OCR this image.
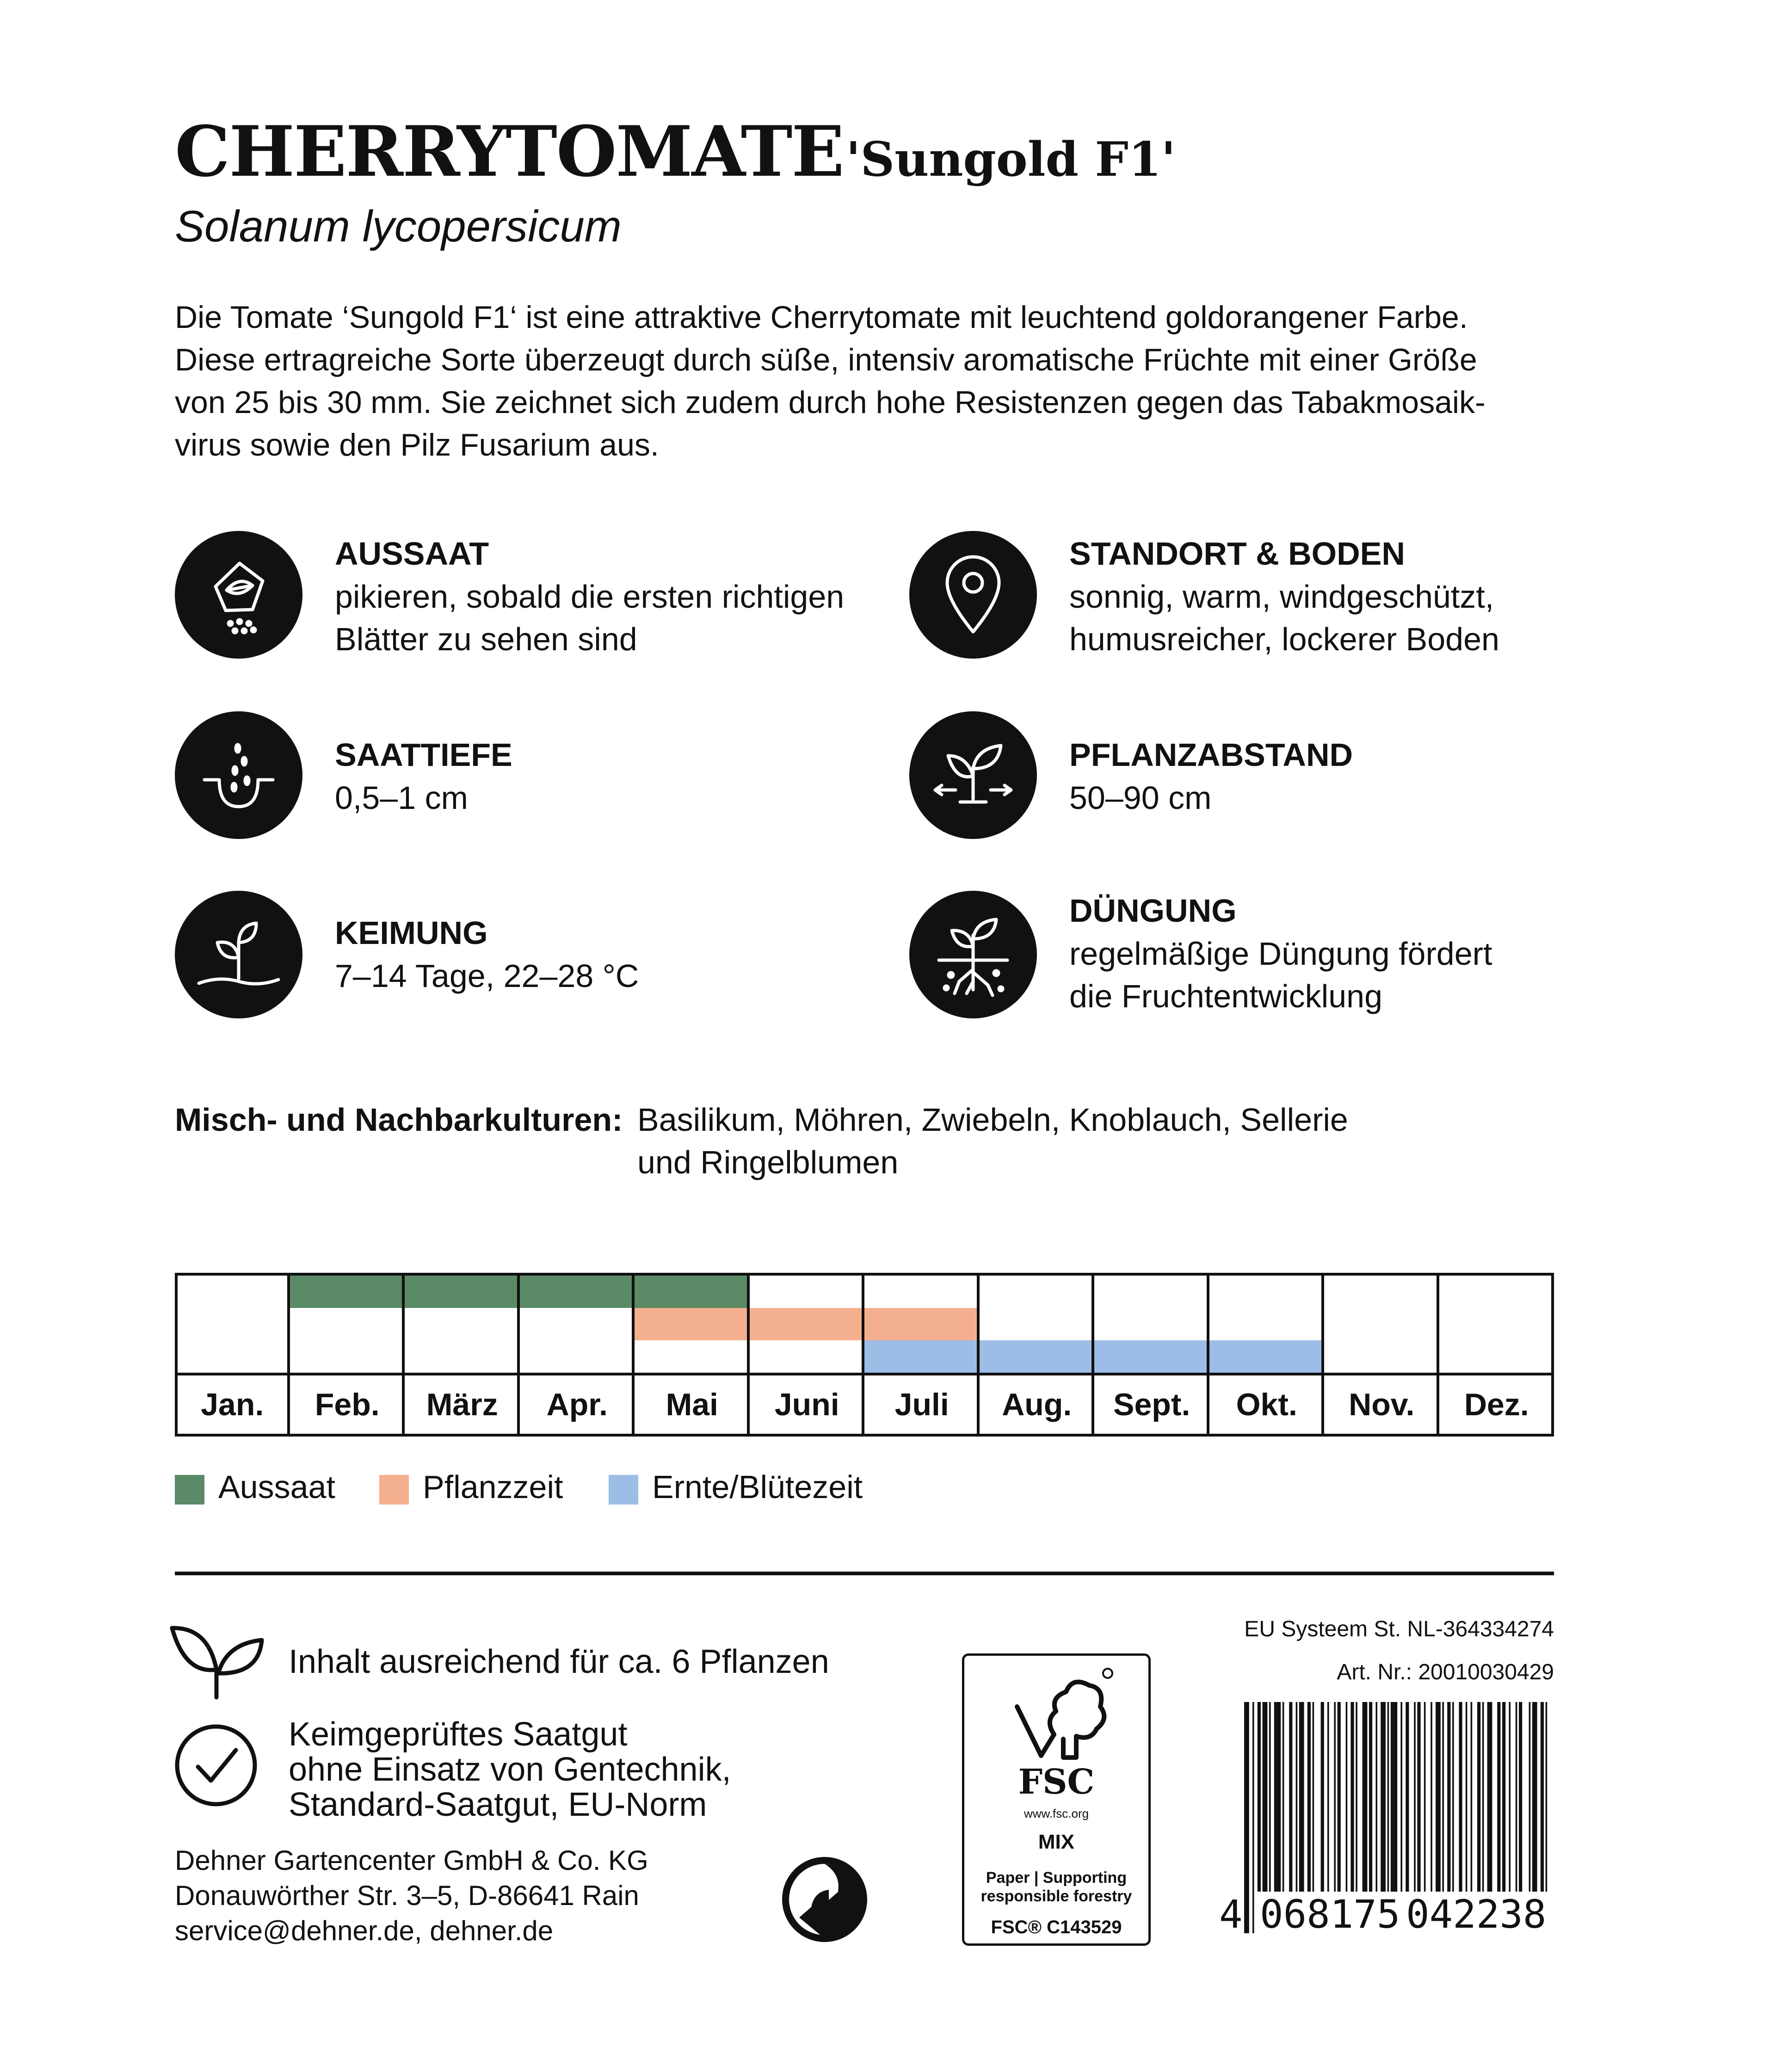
CHERRYTOMATE 'Sungold F1'
Solanum lycopersicum

Die Tomate ‘Sungold F1‘ ist eine attraktive Cherrytomate mit leuchtend goldorangener Farbe.

Diese ertragreiche Sorte überzeugt durch süße, intensiv aromatische Früchte mit einer Größe

von 25 bis 30 mm. Sie zeichnet sich zudem durch hohe Resistenzen gegen das Tabakmosaik-

virus sowie den Pilz Fusarium aus.

AUSSAAT
pikieren, sobald die ersten richtigen
Blätter zu sehen sind
STANDORT & BODEN
sonnig, warm, windgeschützt,
humusreicher, lockerer Boden
SAATTIEFE
0,5–1 cm
PFLANZABSTAND
50–90 cm
KEIMUNG
7–14 Tage, 22–28 °C
DÜNGUNG
regelmäßige Düngung fördert
die Fruchtentwicklung
Misch- und Nachbarkulturen: Basilikum, Möhren, Zwiebeln, Knoblauch, Sellerie
und Ringelblumen
Jan.	Feb.	März	Apr.	Mai	Juni	Juli	Aug.	Sept.	Okt.	Nov.	Dez.
Aussaat	Pflanzzeit	Ernte/Blütezeit
Inhalt ausreichend für ca. 6 Pflanzen
Keimgeprüftes Saatgut
ohne Einsatz von Gentechnik,
Standard-Saatgut, EU-Norm
Dehner Gartencenter GmbH & Co. KG
Donauwörther Str. 3–5, D-86641 Rain
service@dehner.de, dehner.de
FSC
www.fsc.org
MIX
Paper | Supporting
responsible forestry
FSC® C143529
EU Systeem St. NL-364334274
Art. Nr.: 20010030429
4 068175 042238
